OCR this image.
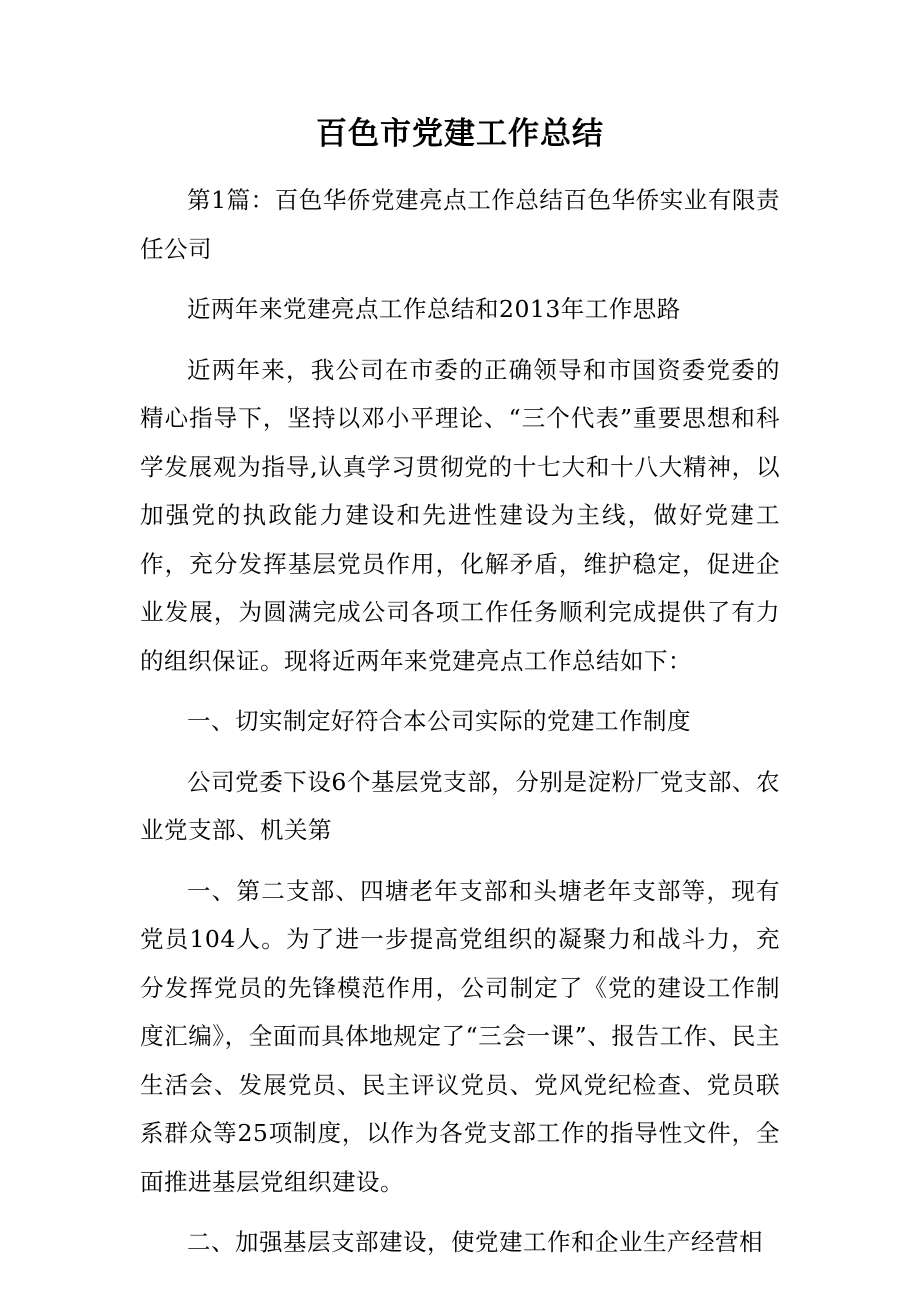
百色市党建工作总结

第1篇：百色华侨党建亮点工作总结百色华侨实业有限责任公司

近两年来党建亮点工作总结和2013年工作思路

近两年来，我公司在市委的正确领导和市国资委党委的精心指导下，坚持以邓小平理论、“三个代表”重要思想和科学发展观为指导,认真学习贯彻党的十七大和十八大精神，以加强党的执政能力建设和先进性建设为主线，做好党建工作，充分发挥基层党员作用，化解矛盾，维护稳定，促进企业发展，为圆满完成公司各项工作任务顺利完成提供了有力的组织保证。现将近两年来党建亮点工作总结如下：

一、切实制定好符合本公司实际的党建工作制度

公司党委下设6个基层党支部，分别是淀粉厂党支部、农业党支部、机关第

一、第二支部、四塘老年支部和头塘老年支部等，现有党员104人。为了进一步提高党组织的凝聚力和战斗力，充分发挥党员的先锋模范作用，公司制定了《党的建设工作制度汇编》，全面而具体地规定了“三会一课”、报告工作、民主生活会、发展党员、民主评议党员、党风党纪检查、党员联系群众等25项制度，以作为各党支部工作的指导性文件，全面推进基层党组织建设。

二、加强基层支部建设，使党建工作和企业生产经营相
